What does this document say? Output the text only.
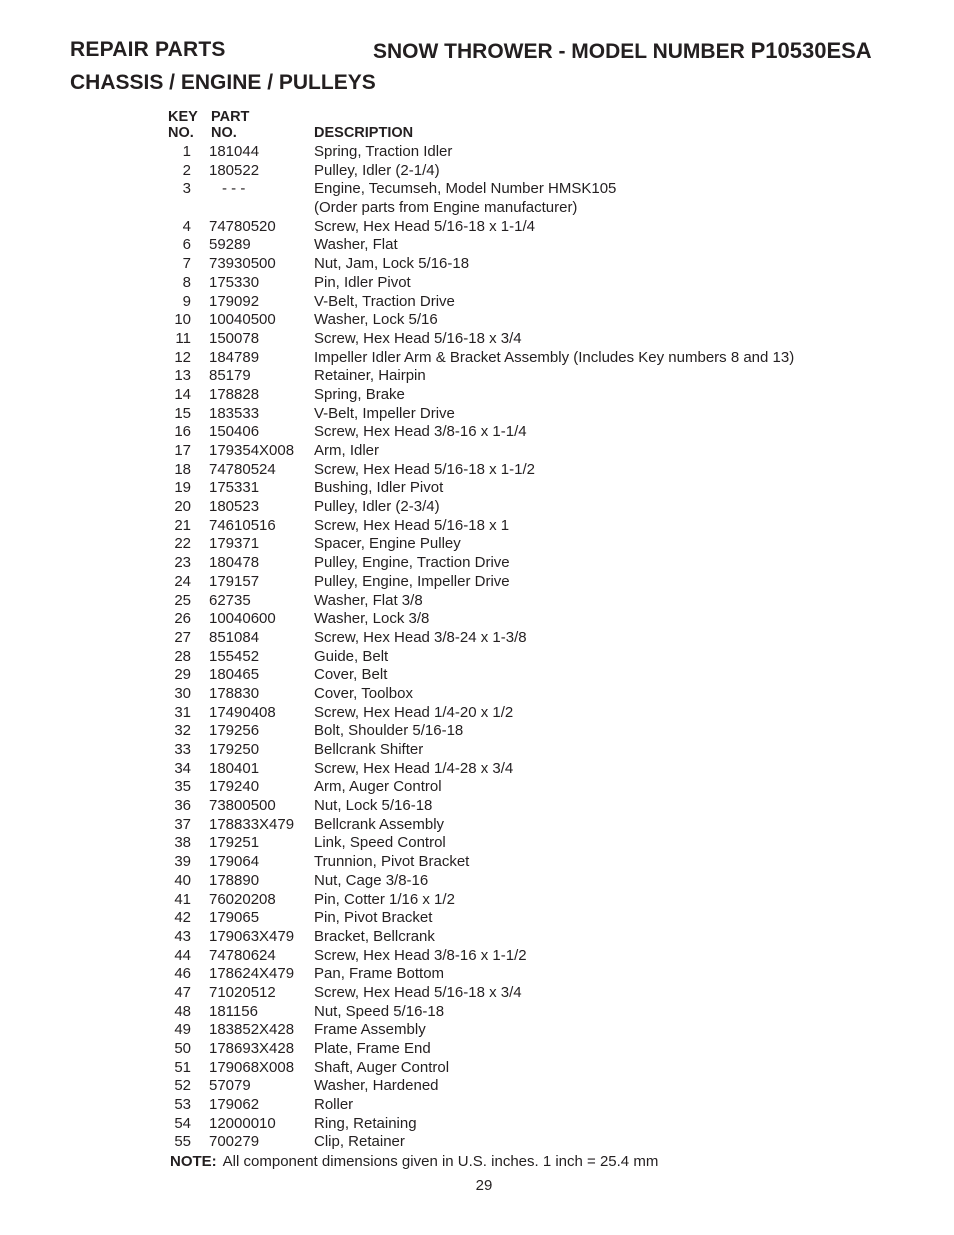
REPAIR PARTS	SNOW THROWER - MODEL NUMBER P10530ESA
CHASSIS / ENGINE / PULLEYS
KEY
NO.
PART
NO.	DESCRIPTION
1 181044	Spring, Traction Idler
2 180522	Pulley, Idler (2-1/4)
3 - - -	Engine, Tecumseh, Model Number HMSK105
(Order parts from Engine manufacturer)
4 74780520	Screw, Hex Head 5/16-18 x 1-1/4
6 59289	Washer, Flat
7 73930500	Nut, Jam, Lock 5/16-18
8 175330	Pin, Idler Pivot
9 179092	V-Belt, Traction Drive
10 10040500	Washer, Lock 5/16
11 150078	Screw, Hex Head 5/16-18 x 3/4
12 184789	Impeller Idler Arm & Bracket Assembly (Includes Key numbers 8 and 13)
13 85179	Retainer, Hairpin
14 178828	Spring, Brake
15 183533	V-Belt, Impeller Drive
16 150406	Screw, Hex Head 3/8-16 x 1-1/4
17 179354X008	Arm, Idler
18 74780524	Screw, Hex Head 5/16-18 x 1-1/2
19 175331	Bushing, Idler Pivot
20 180523	Pulley, Idler (2-3/4)
21 74610516	Screw, Hex Head 5/16-18 x 1
22 179371	Spacer, Engine Pulley
23 180478	Pulley, Engine, Traction Drive
24 179157	Pulley, Engine, Impeller Drive
25 62735	Washer, Flat 3/8
26 10040600	Washer, Lock 3/8
27 851084	Screw, Hex Head 3/8-24 x 1-3/8
28 155452	Guide, Belt
29 180465	Cover, Belt
30 178830	Cover, Toolbox
31 17490408	Screw, Hex Head 1/4-20 x 1/2
32 179256	Bolt, Shoulder 5/16-18
33 179250	Bellcrank Shifter
34 180401	Screw, Hex Head 1/4-28 x 3/4
35 179240	Arm, Auger Control
36 73800500	Nut, Lock 5/16-18
37 178833X479	Bellcrank Assembly
38 179251	Link, Speed Control
39 179064	Trunnion, Pivot Bracket
40 178890	Nut, Cage 3/8-16
41 76020208	Pin, Cotter 1/16 x 1/2
42 179065	Pin, Pivot Bracket
43 179063X479	Bracket, Bellcrank
44 74780624	Screw, Hex Head 3/8-16 x 1-1/2
46 178624X479	Pan, Frame Bottom
47 71020512	Screw, Hex Head 5/16-18 x 3/4
48 181156	Nut, Speed 5/16-18
49 183852X428	Frame Assembly
50 178693X428	Plate, Frame End
51 179068X008	Shaft, Auger Control
52 57079	Washer, Hardened
53 179062	Roller
54 12000010	Ring, Retaining
55 700279	Clip, Retainer
NOTE: All component dimensions given in U.S. inches. 1 inch = 25.4 mm
29
